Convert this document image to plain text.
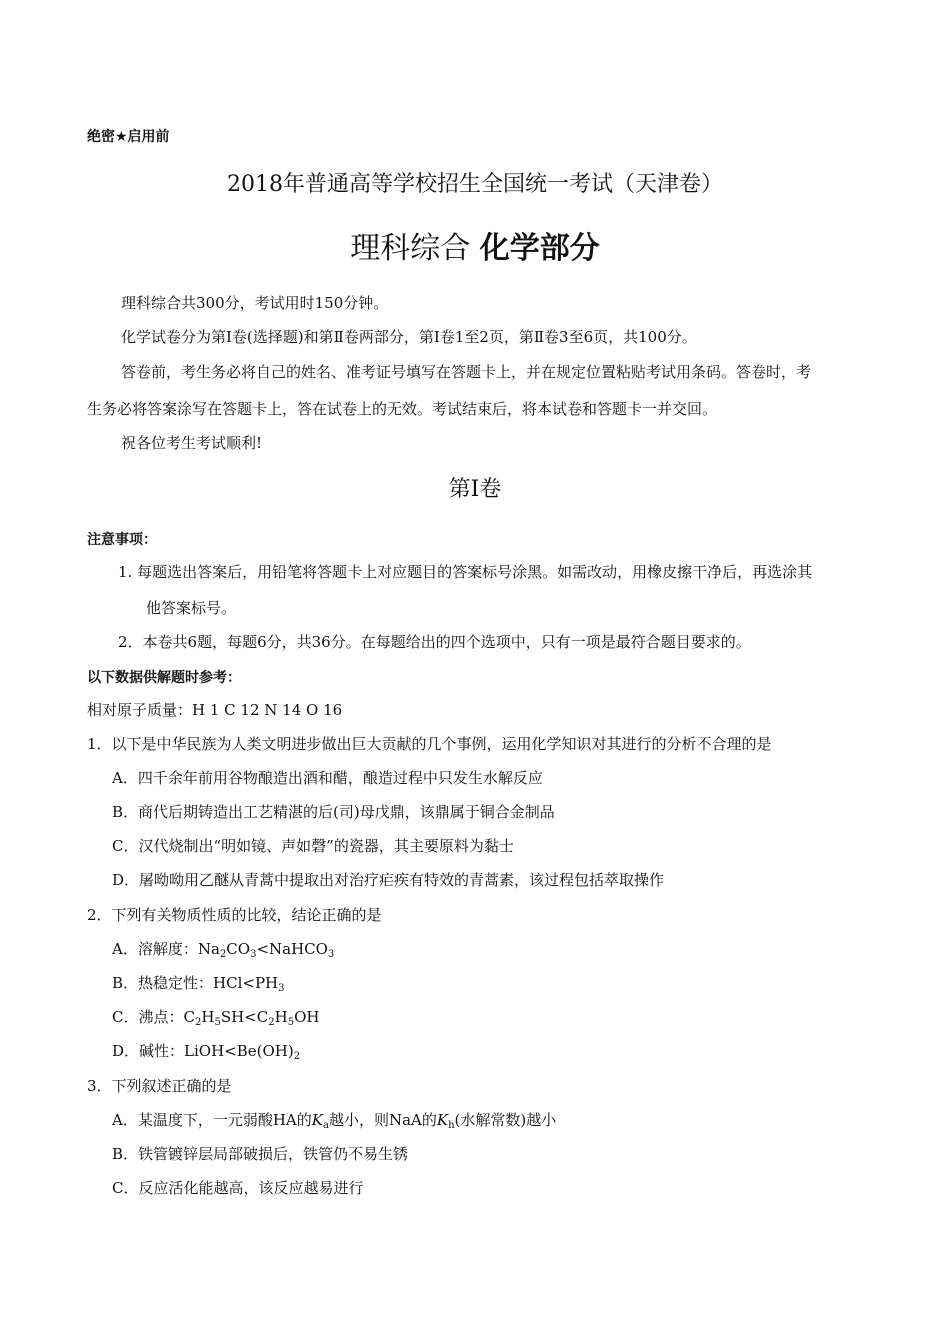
绝密★启用前
2018年普通高等学校招生全国统一考试（天津卷）
理科综合 化学部分
理科综合共300分，考试用时150分钟。
化学试卷分为第Ⅰ卷(选择题)和第Ⅱ卷两部分，第Ⅰ卷1至2页，第Ⅱ卷3至6页，共100分。
答卷前，考生务必将自己的姓名、准考证号填写在答题卡上，并在规定位置粘贴考试用条码。答卷时，考
生务必将答案涂写在答题卡上，答在试卷上的无效。考试结束后，将本试卷和答题卡一并交回。
祝各位考生考试顺利!
第Ⅰ卷
注意事项：
1. 每题选出答案后，用铅笔将答题卡上对应题目的答案标号涂黑。如需改动，用橡皮擦干净后，再选涂其
他答案标号。
2．本卷共6题，每题6分，共36分。在每题给出的四个选项中，只有一项是最符合题目要求的。
以下数据供解题时参考：
相对原子质量：H 1 C 12 N 14 O 16
1．以下是中华民族为人类文明进步做出巨大贡献的几个事例，运用化学知识对其进行的分析不合理的是
A．四千余年前用谷物酿造出酒和醋，酿造过程中只发生水解反应
B．商代后期铸造出工艺精湛的后(司)母戊鼎，该鼎属于铜合金制品
C．汉代烧制出“明如镜、声如磬”的瓷器，其主要原料为黏士
D．屠呦呦用乙醚从青蒿中提取出对治疗疟疾有特效的青蒿素，该过程包括萃取操作
2．下列有关物质性质的比较，结论正确的是
A．溶解度：$Na_2CO_3<NaHCO_3$
B．热稳定性：$HCl<PH_3$
C．沸点：$C_2H_5SH<C_2H_5OH$
D．碱性：$LiOH<Be(OH)_2$
3．下列叙述正确的是
A．某温度下，一元弱酸HA的$K_a$越小，则NaA的$K_h$(水解常数)越小
B．铁管镀锌层局部破损后，铁管仍不易生锈
C．反应活化能越高，该反应越易进行
